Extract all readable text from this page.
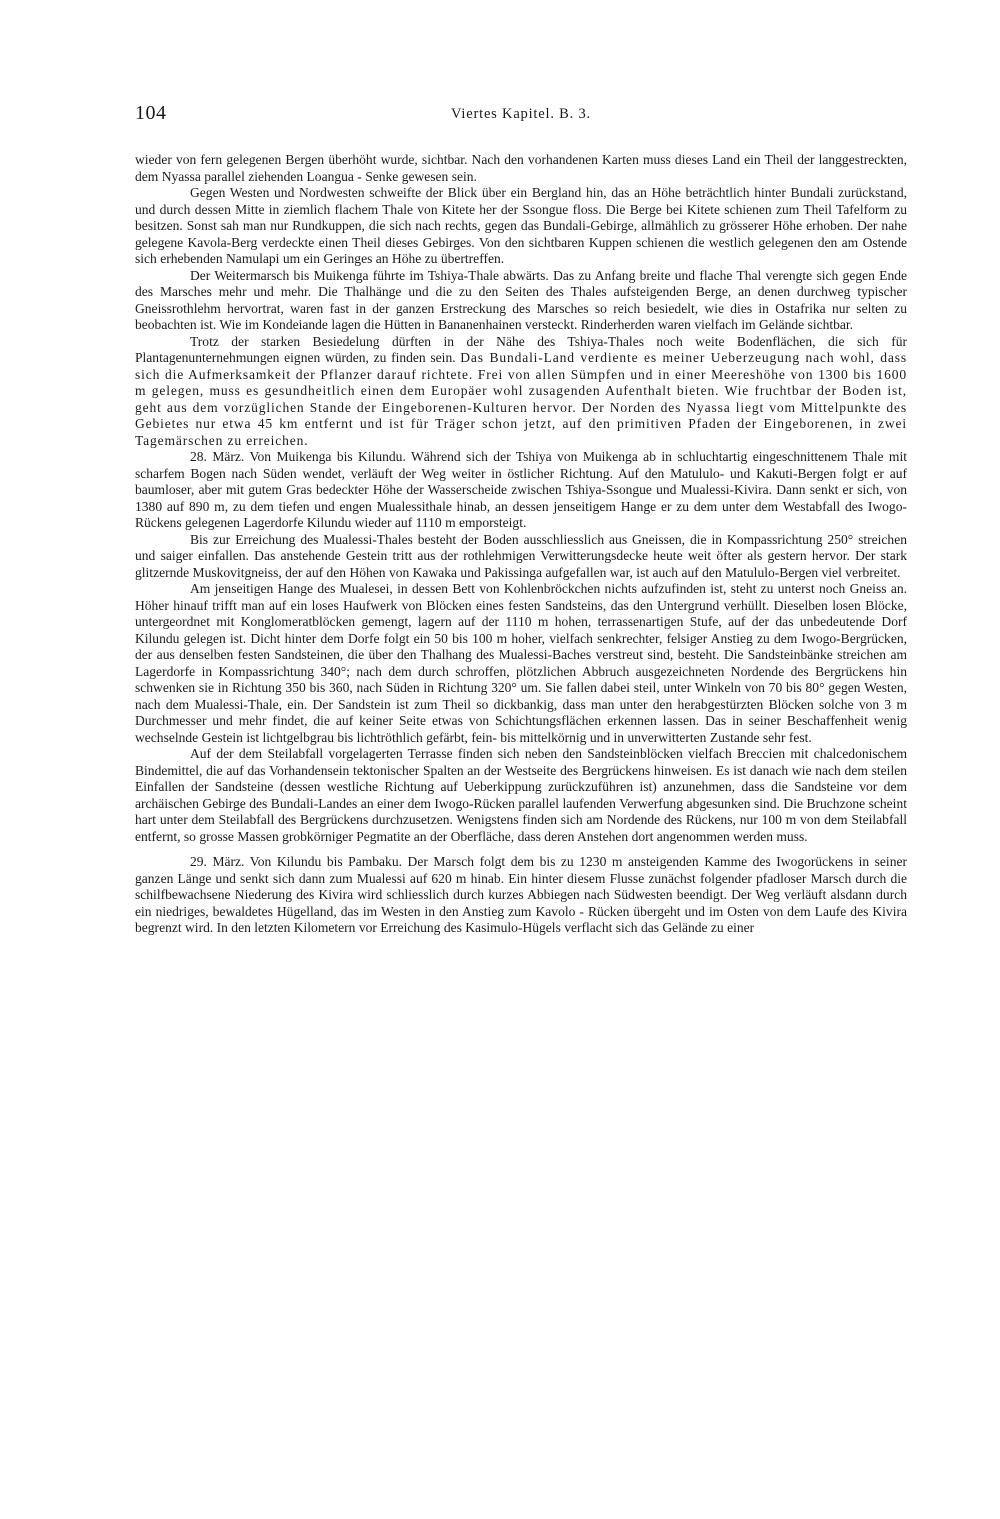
104	Viertes Kapitel. B. 3.

wieder von fern gelegenen Bergen überhöht wurde, sichtbar. Nach den vorhandenen Karten muss dieses Land ein Theil der langgestreckten, dem Nyassa parallel ziehenden Loangua - Senke gewesen sein.

Gegen Westen und Nordwesten schweifte der Blick über ein Bergland hin, das an Höhe beträchtlich hinter Bundali zurückstand, und durch dessen Mitte in ziemlich flachem Thale von Kitete her der Ssongue floss. Die Berge bei Kitete schienen zum Theil Tafelform zu besitzen. Sonst sah man nur Rundkuppen, die sich nach rechts, gegen das Bundali-Gebirge, allmählich zu grösserer Höhe erhoben. Der nahe gelegene Kavola-Berg verdeckte einen Theil dieses Gebirges. Von den sichtbaren Kuppen schienen die westlich gelegenen den am Ostende sich erhebenden Namulapi um ein Geringes an Höhe zu übertreffen.

Der Weitermarsch bis Muikenga führte im Tshiya-Thale abwärts. Das zu Anfang breite und flache Thal verengte sich gegen Ende des Marsches mehr und mehr. Die Thalhänge und die zu den Seiten des Thales aufsteigenden Berge, an denen durchweg typischer Gneissrothlehm hervortrat, waren fast in der ganzen Erstreckung des Marsches so reich besiedelt, wie dies in Ostafrika nur selten zu beobachten ist. Wie im Kondeiande lagen die Hütten in Bananenhainen versteckt. Rinderherden waren vielfach im Gelände sichtbar.

Trotz der starken Besiedelung dürften in der Nähe des Tshiya-Thales noch weite Bodenflächen, die sich für Plantagenunternehmungen eignen würden, zu finden sein. Das Bundali-Land verdiente es meiner Ueberzeugung nach wohl, dass sich die Aufmerksamkeit der Pflanzer darauf richtete. Frei von allen Sümpfen und in einer Meereshöhe von 1300 bis 1600 m gelegen, muss es gesundheitlich einen dem Europäer wohl zusagenden Aufenthalt bieten. Wie fruchtbar der Boden ist, geht aus dem vorzüglichen Stande der Eingeborenen-Kulturen hervor. Der Norden des Nyassa liegt vom Mittelpunkte des Gebietes nur etwa 45 km entfernt und ist für Träger schon jetzt, auf den primitiven Pfaden der Eingeborenen, in zwei Tagemärschen zu erreichen.

28. März. Von Muikenga bis Kilundu. Während sich der Tshiya von Muikenga ab in schluchtartig eingeschnittenem Thale mit scharfem Bogen nach Süden wendet, verläuft der Weg weiter in östlicher Richtung. Auf den Matululo- und Kakuti-Bergen folgt er auf baumloser, aber mit gutem Gras bedeckter Höhe der Wasserscheide zwischen Tshiya-Ssongue und Mualessi-Kivira. Dann senkt er sich, von 1380 auf 890 m, zu dem tiefen und engen Mualessithale hinab, an dessen jenseitigem Hange er zu dem unter dem Westabfall des Iwogo-Rückens gelegenen Lagerdorfe Kilundu wieder auf 1110 m emporsteigt.

Bis zur Erreichung des Mualessi-Thales besteht der Boden ausschliesslich aus Gneissen, die in Kompassrichtung 250° streichen und saiger einfallen. Das anstehende Gestein tritt aus der rothlehmigen Verwitterungsdecke heute weit öfter als gestern hervor. Der stark glitzernde Muskovitgneiss, der auf den Höhen von Kawaka und Pakissinga aufgefallen war, ist auch auf den Matululo-Bergen viel verbreitet.

Am jenseitigen Hange des Mualesei, in dessen Bett von Kohlenbröckchen nichts aufzufinden ist, steht zu unterst noch Gneiss an. Höher hinauf trifft man auf ein loses Haufwerk von Blöcken eines festen Sandsteins, das den Untergrund verhüllt. Dieselben losen Blöcke, untergeordnet mit Konglomeratblöcken gemengt, lagern auf der 1110 m hohen, terrassenartigen Stufe, auf der das unbedeutende Dorf Kilundu gelegen ist. Dicht hinter dem Dorfe folgt ein 50 bis 100 m hoher, vielfach senkrechter, felsiger Anstieg zu dem Iwogo-Bergrücken, der aus denselben festen Sandsteinen, die über den Thalhang des Mualessi-Baches verstreut sind, besteht. Die Sandsteinbänke streichen am Lagerdorfe in Kompassrichtung 340°; nach dem durch schroffen, plötzlichen Abbruch ausgezeichneten Nordende des Bergrückens hin schwenken sie in Richtung 350 bis 360, nach Süden in Richtung 320° um. Sie fallen dabei steil, unter Winkeln von 70 bis 80° gegen Westen, nach dem Mualessi-Thale, ein. Der Sandstein ist zum Theil so dickbankig, dass man unter den herabgestürzten Blöcken solche von 3 m Durchmesser und mehr findet, die auf keiner Seite etwas von Schichtungsflächen erkennen lassen. Das in seiner Beschaffenheit wenig wechselnde Gestein ist lichtgelbgrau bis lichtröthlich gefärbt, fein- bis mittelkörnig und in unverwitterten Zustande sehr fest.

Auf der dem Steilabfall vorgelagerten Terrasse finden sich neben den Sandsteinblöcken vielfach Breccien mit chalcedonischem Bindemittel, die auf das Vorhandensein tektonischer Spalten an der Westseite des Bergrückens hinweisen. Es ist danach wie nach dem steilen Einfallen der Sandsteine (dessen westliche Richtung auf Ueberkippung zurückzuführen ist) anzunehmen, dass die Sandsteine vor dem archäischen Gebirge des Bundali-Landes an einer dem Iwogo-Rücken parallel laufenden Verwerfung abgesunken sind. Die Bruchzone scheint hart unter dem Steilabfall des Bergrückens durchzusetzen. Wenigstens finden sich am Nordende des Rückens, nur 100 m von dem Steilabfall entfernt, so grosse Massen grobkörniger Pegmatite an der Oberfläche, dass deren Anstehen dort angenommen werden muss.

29. März. Von Kilundu bis Pambaku. Der Marsch folgt dem bis zu 1230 m ansteigenden Kamme des Iwogorückens in seiner ganzen Länge und senkt sich dann zum Mualessi auf 620 m hinab. Ein hinter diesem Flusse zunächst folgender pfadloser Marsch durch die schilfbewachsene Niederung des Kivira wird schliesslich durch kurzes Abbiegen nach Südwesten beendigt. Der Weg verläuft alsdann durch ein niedriges, bewaldetes Hügelland, das im Westen in den Anstieg zum Kavolo - Rücken übergeht und im Osten von dem Laufe des Kivira begrenzt wird. In den letzten Kilometern vor Erreichung des Kasimulo-Hügels verflacht sich das Gelände zu einer
